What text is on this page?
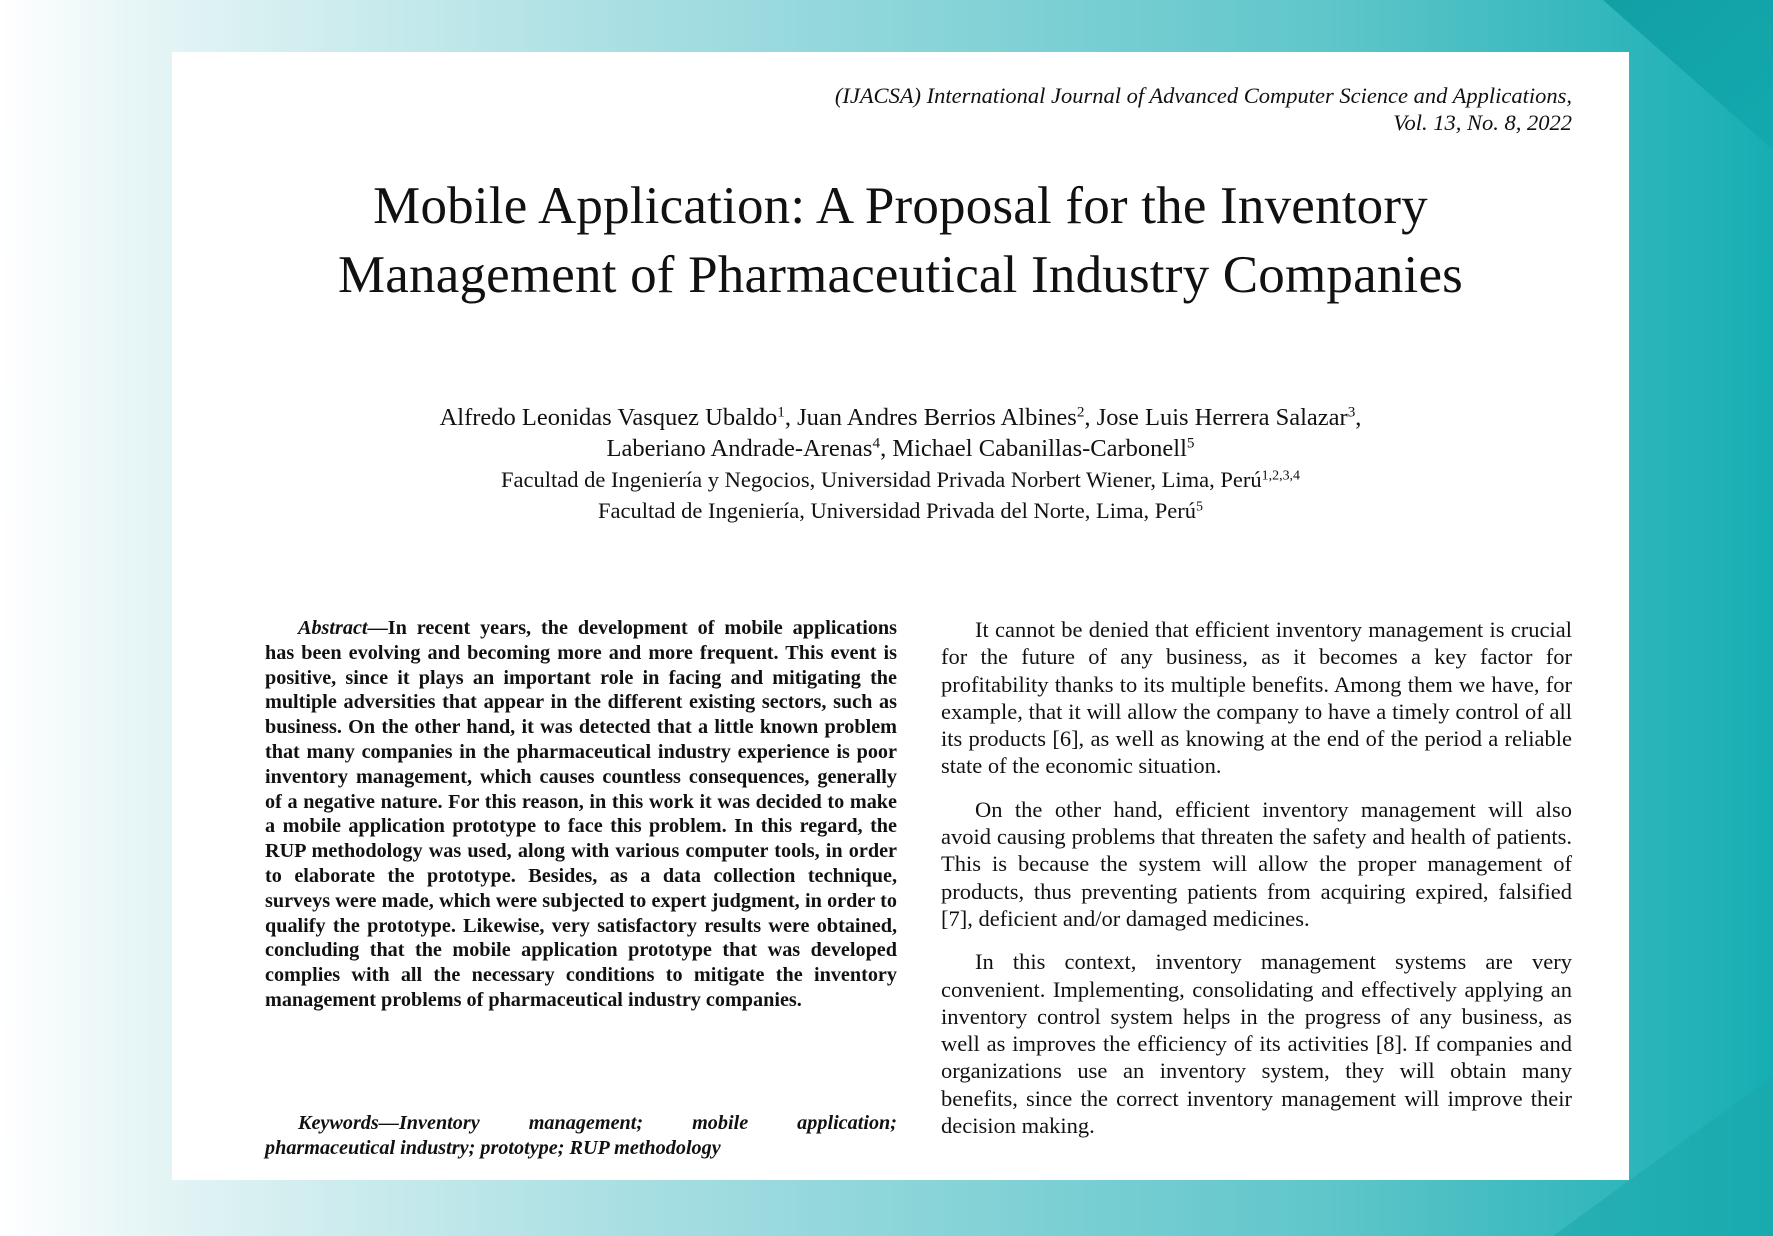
(IJACSA) International Journal of Advanced Computer Science and Applications,
Vol. 13, No. 8, 2022
Mobile Application: A Proposal for the Inventory
Management of Pharmaceutical Industry Companies
Alfredo Leonidas Vasquez Ubaldo$^1$, Juan Andres Berrios Albines$^2$, Jose Luis Herrera Salazar$^3$,
Laberiano Andrade-Arenas$^4$, Michael Cabanillas-Carbonell$^5$
Facultad de Ingeniería y Negocios, Universidad Privada Norbert Wiener, Lima, Perú$^{1,2,3,4}$
Facultad de Ingeniería, Universidad Privada del Norte, Lima, Perú$^5$
Abstract—In recent years, the development of mobile applications has been evolving and becoming more and more frequent. This event is positive, since it plays an important role in facing and mitigating the multiple adversities that appear in the different existing sectors, such as business. On the other hand, it was detected that a little known problem that many companies in the pharmaceutical industry experience is poor inventory management, which causes countless consequences, generally of a negative nature. For this reason, in this work it was decided to make a mobile application prototype to face this problem. In this regard, the RUP methodology was used, along with various computer tools, in order to elaborate the prototype. Besides, as a data collection technique, surveys were made, which were subjected to expert judgment, in order to qualify the prototype. Likewise, very satisfactory results were obtained, concluding that the mobile application prototype that was developed complies with all the necessary conditions to mitigate the inventory management problems of pharmaceutical industry companies.
Keywords—Inventory management; mobile application; pharmaceutical industry; prototype; RUP methodology

It cannot be denied that efficient inventory management is crucial for the future of any business, as it becomes a key factor for profitability thanks to its multiple benefits. Among them we have, for example, that it will allow the company to have a timely control of all its products [6], as well as knowing at the end of the period a reliable state of the economic situation.

On the other hand, efficient inventory management will also avoid causing problems that threaten the safety and health of patients. This is because the system will allow the proper management of products, thus preventing patients from acquiring expired, falsified [7], deficient and/or damaged medicines.

In this context, inventory management systems are very convenient. Implementing, consolidating and effectively applying an inventory control system helps in the progress of any business, as well as improves the efficiency of its activities [8]. If companies and organizations use an inventory system, they will obtain many benefits, since the correct inventory management will improve their decision making.
